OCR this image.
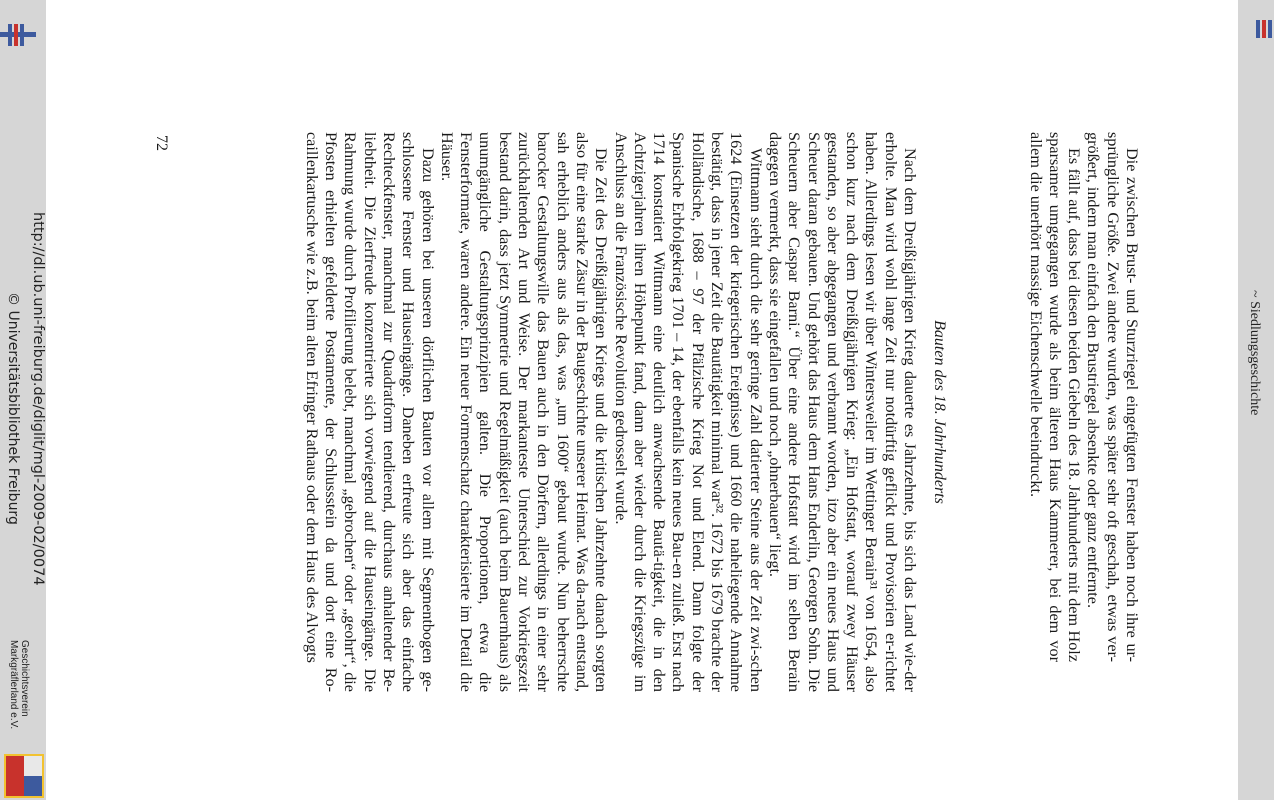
~ Siedlungsgeschichte

Die zwischen Brust- und Sturzriegel eingefügten Fenster haben noch ihre ur-sprüngliche Größe. Zwei andere wurden, was später sehr oft geschah, etwas ver-größert, indem man einfach den Brustriegel absenkte oder ganz entfernte.

Es fällt auf, dass bei diesen beiden Giebeln des 18. Jahrhunderts mit dem Holz sparsamer umgegangen wurde als beim älteren Haus Kammerer, bei dem vor allem die unerhört massige Eichenschwelle beeindruckt.

Bauten des 18. Jahrhunderts

Nach dem Dreißigjährigen Krieg dauerte es Jahrzehnte, bis sich das Land wie-der erholte. Man wird wohl lange Zeit nur notdürftig geflickt und Provisorien er-richtet haben. Allerdings lesen wir über Wintersweiler im Wettinger Berain³¹ von 1654, also schon kurz nach dem Dreißigjährigen Krieg: „Ein Hofstatt, worauf zwey Häuser gestanden, so aber abgegangen und verbrannt worden, itzo aber ein neues Haus und Scheuer daran gebauen. Und gehört das Haus dem Hans Enderlin, Georgen Sohn. Die Scheuern aber Caspar Barni.“ Über eine andere Hofstatt wird im selben Berain dagegen vermerkt, dass sie eingefallen und noch „ohnerbauen“ liegt.

Wittmann sieht durch die sehr geringe Zahl datierter Steine aus der Zeit zwi-schen 1624 (Einsetzen der kriegerischen Ereignisse) und 1660 die naheliegende Annahme bestätigt, dass in jener Zeit die Bautätigkeit minimal war³². 1672 bis 1679 brachte der Holländische, 1688 – 97 der Pfälzische Krieg Not und Elend. Dann folgte der Spanische Erbfolgekrieg 1701 – 14, der ebenfalls kein neues Bau-en zuließ. Erst nach 1714 konstatiert Wittmann eine deutlich anwachsende Bautä-tigkeit, die in den Achtzigerjahren ihren Höhepunkt fand, dann aber wieder durch die Kriegszüge im Anschluss an die Französische Revolution gedrosselt wurde.

Die Zeit des Dreißigjährigen Kriegs und die kritischen Jahrzehnte danach sorgten also für eine starke Zäsur in der Baugeschichte unserer Heimat. Was da-nach entstand, sah erheblich anders aus als das, was „um 1600“ gebaut wurde. Nun beherrschte barocker Gestaltungswille das Bauen auch in den Dörfern, allerdings in einer sehr zurückhaltenden Art und Weise. Der markanteste Unterschied zur Vorkriegszeit bestand darin, dass jetzt Symmetrie und Regelmäßigkeit (auch beim Bauernhaus) als unumgängliche Gestaltungsprinzipien galten. Die Proportionen, etwa die Fensterformate, waren andere. Ein neuer Formenschatz charakterisierte im Detail die Häuser.

Dazu gehören bei unseren dörflichen Bauten vor allem mit Segmentbogen ge-schlossene Fenster und Hauseingänge. Daneben erfreute sich aber das einfache Rechteckfenster, manchmal zur Quadratform tendierend, durchaus anhaltender Be-liebtheit. Die Zierfreude konzentrierte sich vorwiegend auf die Hauseingänge. Die Rahmung wurde durch Profilierung belebt, manchmal „gebrochen“ oder „geohrt“, die Pfosten erhielten gefelderte Postamente, der Schlussstein da und dort eine Ro-caillenkartusche wie z.B. beim alten Efringer Rathaus oder dem Haus des Alvogts

72
http://dl.ub.uni-freiburg.de/diglit/mgl-2009-02/0074
© Universitätsbibliothek Freiburg
Geschichtsverein
Markgräflerland e.V.
